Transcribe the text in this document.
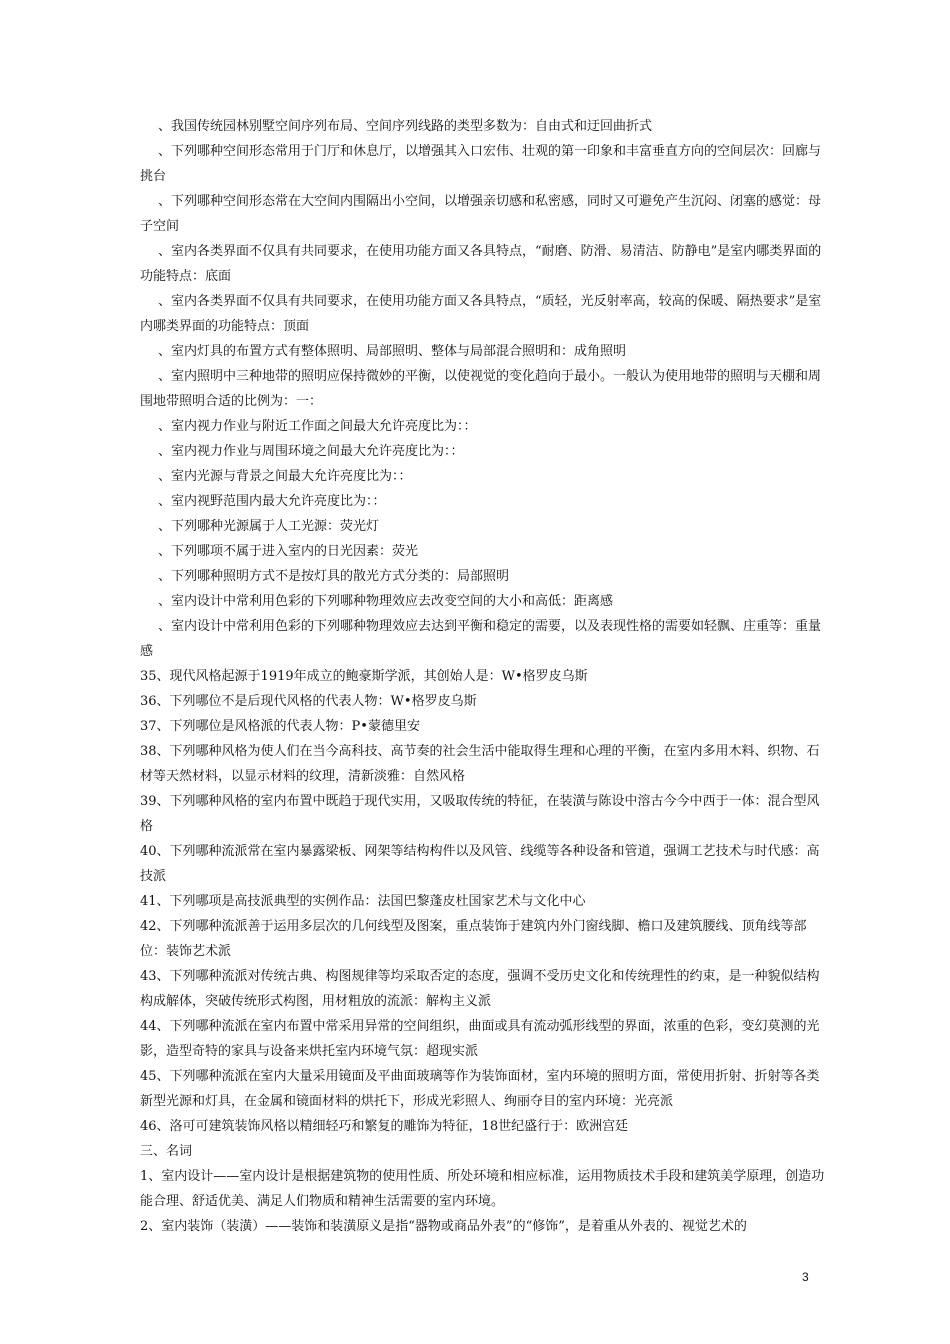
、我国传统园林别墅空间序列布局、空间序列线路的类型多数为：自由式和迂回曲折式

、下列哪种空间形态常用于门厅和休息厅，以增强其入口宏伟、壮观的第一印象和丰富垂直方向的空间层次：回廊与挑台

、下列哪种空间形态常在大空间内围隔出小空间，以增强亲切感和私密感，同时又可避免产生沉闷、闭塞的感觉：母子空间

、室内各类界面不仅具有共同要求，在使用功能方面又各具特点，“耐磨、防滑、易清洁、防静电”是室内哪类界面的功能特点：底面

、室内各类界面不仅具有共同要求，在使用功能方面又各具特点，“质轻，光反射率高，较高的保暖、隔热要求”是室内哪类界面的功能特点：顶面

、室内灯具的布置方式有整体照明、局部照明、整体与局部混合照明和：成角照明

、室内照明中三种地带的照明应保持微妙的平衡，以使视觉的变化趋向于最小。一般认为使用地带的照明与天棚和周围地带照明合适的比例为：一：

、室内视力作业与附近工作面之间最大允许亮度比为：：

、室内视力作业与周围环境之间最大允许亮度比为：：

、室内光源与背景之间最大允许亮度比为：：

、室内视野范围内最大允许亮度比为：：

、下列哪种光源属于人工光源：荧光灯

、下列哪项不属于进入室内的日光因素：荧光

、下列哪种照明方式不是按灯具的散光方式分类的：局部照明

、室内设计中常利用色彩的下列哪种物理效应去改变空间的大小和高低：距离感

、室内设计中常利用色彩的下列哪种物理效应去达到平衡和稳定的需要，以及表现性格的需要如轻飘、庄重等：重量感

35、现代风格起源于1919年成立的鲍豪斯学派，其创始人是：W•格罗皮乌斯

36、下列哪位不是后现代风格的代表人物：W•格罗皮乌斯

37、下列哪位是风格派的代表人物：P•蒙德里安

38、下列哪种风格为使人们在当今高科技、高节奏的社会生活中能取得生理和心理的平衡，在室内多用木料、织物、石材等天然材料，以显示材料的纹理，清新淡雅：自然风格

39、下列哪种风格的室内布置中既趋于现代实用，又吸取传统的特征，在装潢与陈设中溶古今今中西于一体：混合型风格

40、下列哪种流派常在室内暴露梁板、网架等结构构件以及风管、线缆等各种设备和管道，强调工艺技术与时代感：高技派

41、下列哪项是高技派典型的实例作品：法国巴黎蓬皮杜国家艺术与文化中心

42、下列哪种流派善于运用多层次的几何线型及图案，重点装饰于建筑内外门窗线脚、檐口及建筑腰线、顶角线等部位：装饰艺术派

43、下列哪种流派对传统古典、构图规律等均采取否定的态度，强调不受历史文化和传统理性的约束，是一种貌似结构构成解体，突破传统形式构图，用材粗放的流派：解构主义派

44、下列哪种流派在室内布置中常采用异常的空间组织，曲面或具有流动弧形线型的界面，浓重的色彩，变幻莫测的光影，造型奇特的家具与设备来烘托室内环境气氛：超现实派

45、下列哪种流派在室内大量采用镜面及平曲面玻璃等作为装饰面材，室内环境的照明方面，常使用折射、折射等各类新型光源和灯具，在金属和镜面材料的烘托下，形成光彩照人、绚丽夺目的室内环境：光亮派

46、洛可可建筑装饰风格以精细轻巧和繁复的雕饰为特征，18世纪盛行于：欧洲宫廷

三、名词

1、室内设计——室内设计是根据建筑物的使用性质、所处环境和相应标准，运用物质技术手段和建筑美学原理，创造功能合理、舒适优美、满足人们物质和精神生活需要的室内环境。

2、室内装饰（装潢）——装饰和装潢原义是指“器物或商品外表”的“修饰”，是着重从外表的、视觉艺术的

3
